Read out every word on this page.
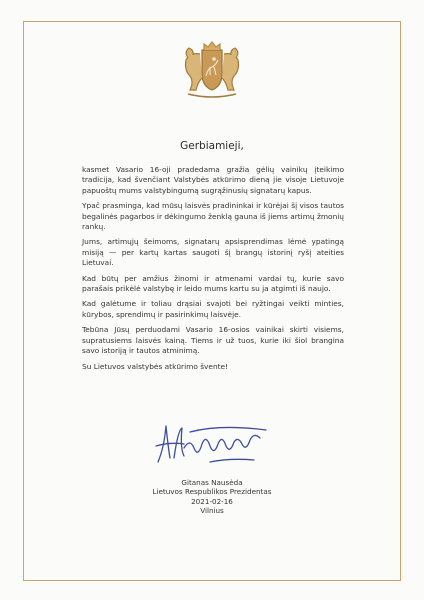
Gerbiamieji,

kasmet Vasario 16-oji pradedama gražia gėlių vainikų įteikimo tradicija, kad švenčiant Valstybės atkūrimo dieną jie visoje Lietuvoje papuoštų mums valstybingumą sugrąžinusių signatarų kapus.

Ypač prasminga, kad mūsų laisvės pradininkai ir kūrėjai šį visos tautos begalinės pagarbos ir dėkingumo ženklą gauna iš jiems artimų žmonių rankų.

Jums, artimųjų šeimoms, signatarų apsisprendimas lėmė ypatingą misiją — per kartų kartas saugoti šį brangų istorinį ryšį ateities Lietuvai.

Kad būtų per amžius žinomi ir atmenami vardai tų, kurie savo parašais prikėlė valstybę ir leido mums kartu su ja atgimti iš naujo.

Kad galėtume ir toliau drąsiai svajoti bei ryžtingai veikti minties, kūrybos, sprendimų ir pasirinkimų laisvėje.

Tebūna Jūsų perduodami Vasario 16-osios vainikai skirti visiems, supratusiems laisvės kainą. Tiems ir už tuos, kurie iki šiol brangina savo istoriją ir tautos atminimą.

Su Lietuvos valstybės atkūrimo švente!

Gitanas Nausėda
Lietuvos Respublikos Prezidentas
2021-02-16
Vilnius
